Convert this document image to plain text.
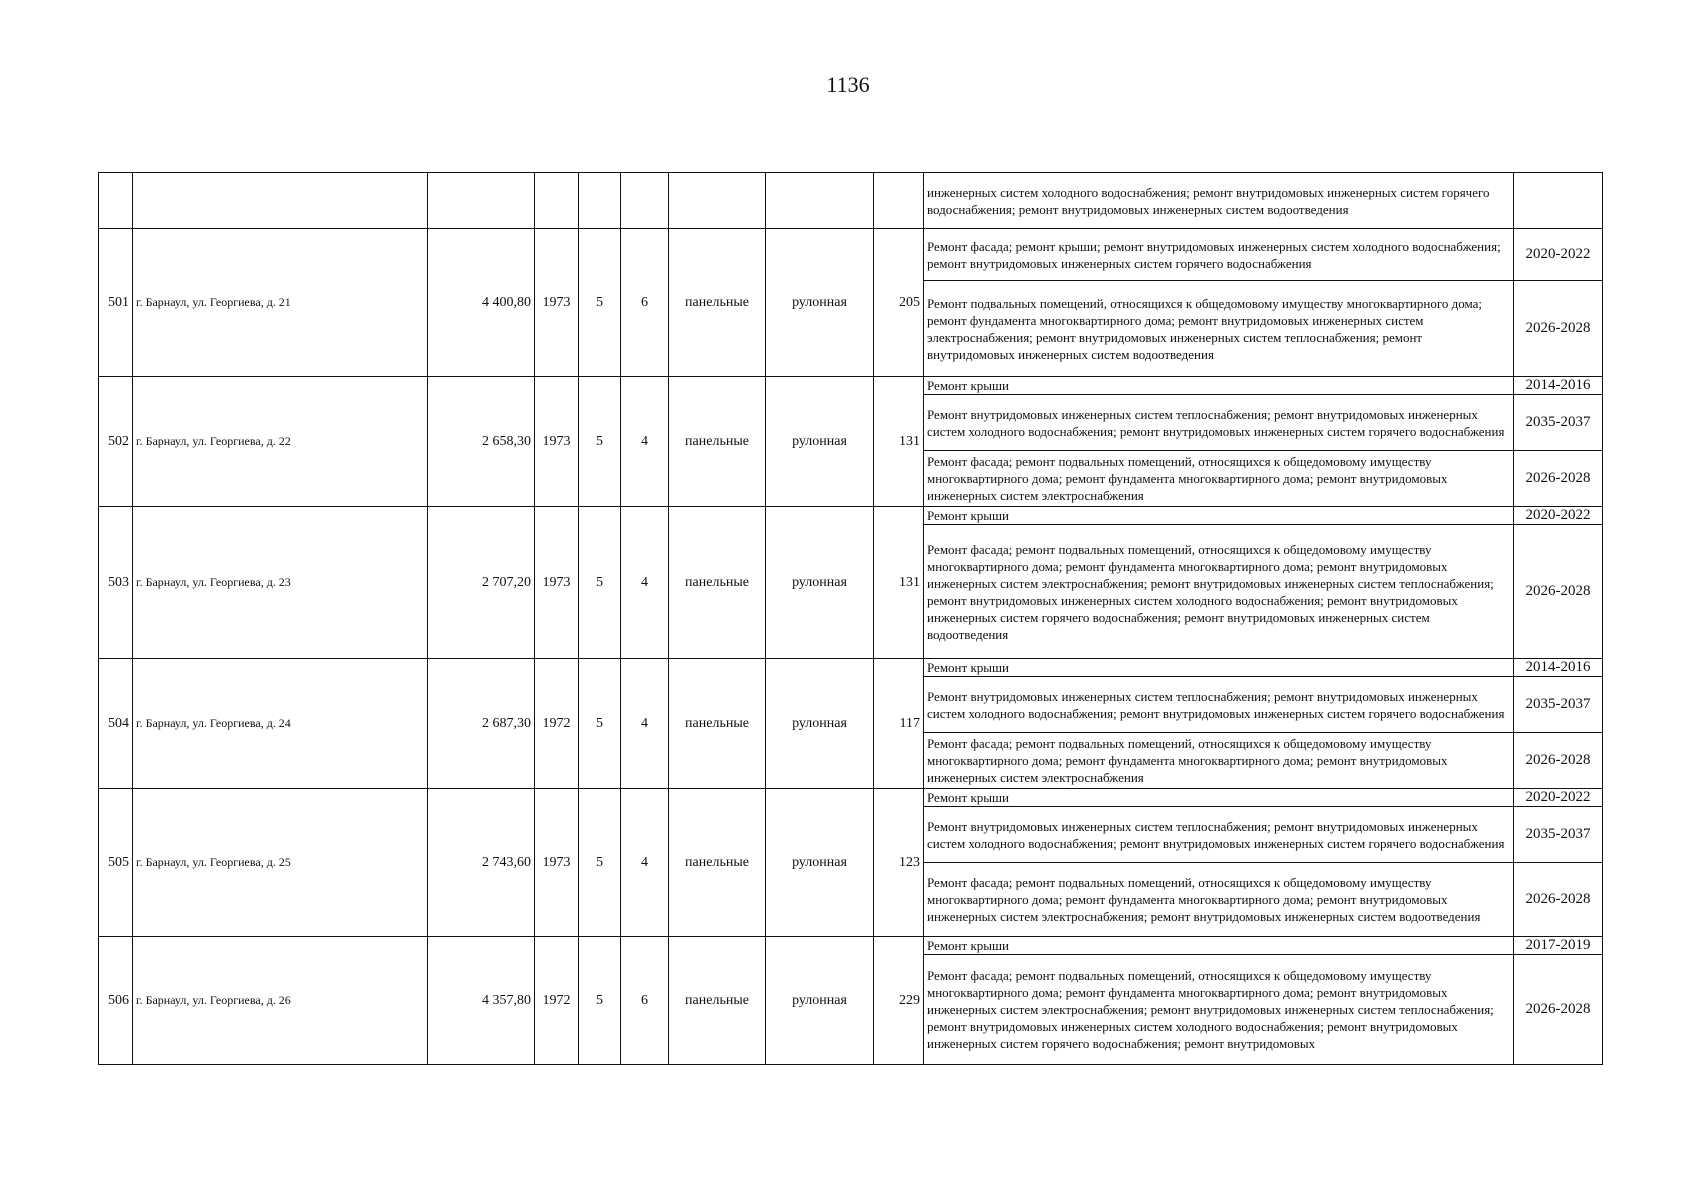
1136
									инженерных систем холодного водоснабжения; ремонт внутридомовых инженерных систем горячего водоснабжения; ремонт внутридомовых инженерных систем водоотведения	
501	г. Барнаул, ул. Георгиева, д. 21	4 400,80	1973	5	6	панельные	рулонная	205	Ремонт фасада; ремонт крыши; ремонт внутридомовых инженерных систем холодного водоснабжения; ремонт внутридомовых инженерных систем горячего водоснабжения	2020-2022
									Ремонт подвальных помещений, относящихся к общедомовому имуществу многоквартирного дома; ремонт фундамента многоквартирного дома; ремонт внутридомовых инженерных систем электроснабжения; ремонт внутридомовых инженерных систем теплоснабжения; ремонт внутридомовых инженерных систем водоотведения	2026-2028
502	г. Барнаул, ул. Георгиева, д. 22	2 658,30	1973	5	4	панельные	рулонная	131	Ремонт крыши	2014-2016
									Ремонт внутридомовых инженерных систем теплоснабжения; ремонт внутридомовых инженерных систем холодного водоснабжения; ремонт внутридомовых инженерных систем горячего водоснабжения	2035-2037
									Ремонт фасада; ремонт подвальных помещений, относящихся к общедомовому имуществу многоквартирного дома; ремонт фундамента многоквартирного дома; ремонт внутридомовых инженерных систем электроснабжения	2026-2028
503	г. Барнаул, ул. Георгиева, д. 23	2 707,20	1973	5	4	панельные	рулонная	131	Ремонт крыши	2020-2022
									Ремонт фасада; ремонт подвальных помещений, относящихся к общедомовому имуществу многоквартирного дома; ремонт фундамента многоквартирного дома; ремонт внутридомовых инженерных систем электроснабжения; ремонт внутридомовых инженерных систем теплоснабжения; ремонт внутридомовых инженерных систем холодного водоснабжения; ремонт внутридомовых инженерных систем горячего водоснабжения; ремонт внутридомовых инженерных систем водоотведения	2026-2028
504	г. Барнаул, ул. Георгиева, д. 24	2 687,30	1972	5	4	панельные	рулонная	117	Ремонт крыши	2014-2016
									Ремонт внутридомовых инженерных систем теплоснабжения; ремонт внутридомовых инженерных систем холодного водоснабжения; ремонт внутридомовых инженерных систем горячего водоснабжения	2035-2037
									Ремонт фасада; ремонт подвальных помещений, относящихся к общедомовому имуществу многоквартирного дома; ремонт фундамента многоквартирного дома; ремонт внутридомовых инженерных систем электроснабжения	2026-2028
505	г. Барнаул, ул. Георгиева, д. 25	2 743,60	1973	5	4	панельные	рулонная	123	Ремонт крыши	2020-2022
									Ремонт внутридомовых инженерных систем теплоснабжения; ремонт внутридомовых инженерных систем холодного водоснабжения; ремонт внутридомовых инженерных систем горячего водоснабжения	2035-2037
									Ремонт фасада; ремонт подвальных помещений, относящихся к общедомовому имуществу многоквартирного дома; ремонт фундамента многоквартирного дома; ремонт внутридомовых инженерных систем электроснабжения; ремонт внутридомовых инженерных систем водоотведения	2026-2028
506	г. Барнаул, ул. Георгиева, д. 26	4 357,80	1972	5	6	панельные	рулонная	229	Ремонт крыши	2017-2019
									Ремонт фасада; ремонт подвальных помещений, относящихся к общедомовому имуществу многоквартирного дома; ремонт фундамента многоквартирного дома; ремонт внутридомовых инженерных систем электроснабжения; ремонт внутридомовых инженерных систем теплоснабжения; ремонт внутридомовых инженерных систем холодного водоснабжения; ремонт внутридомовых инженерных систем горячего водоснабжения; ремонт внутридомовых	2026-2028
